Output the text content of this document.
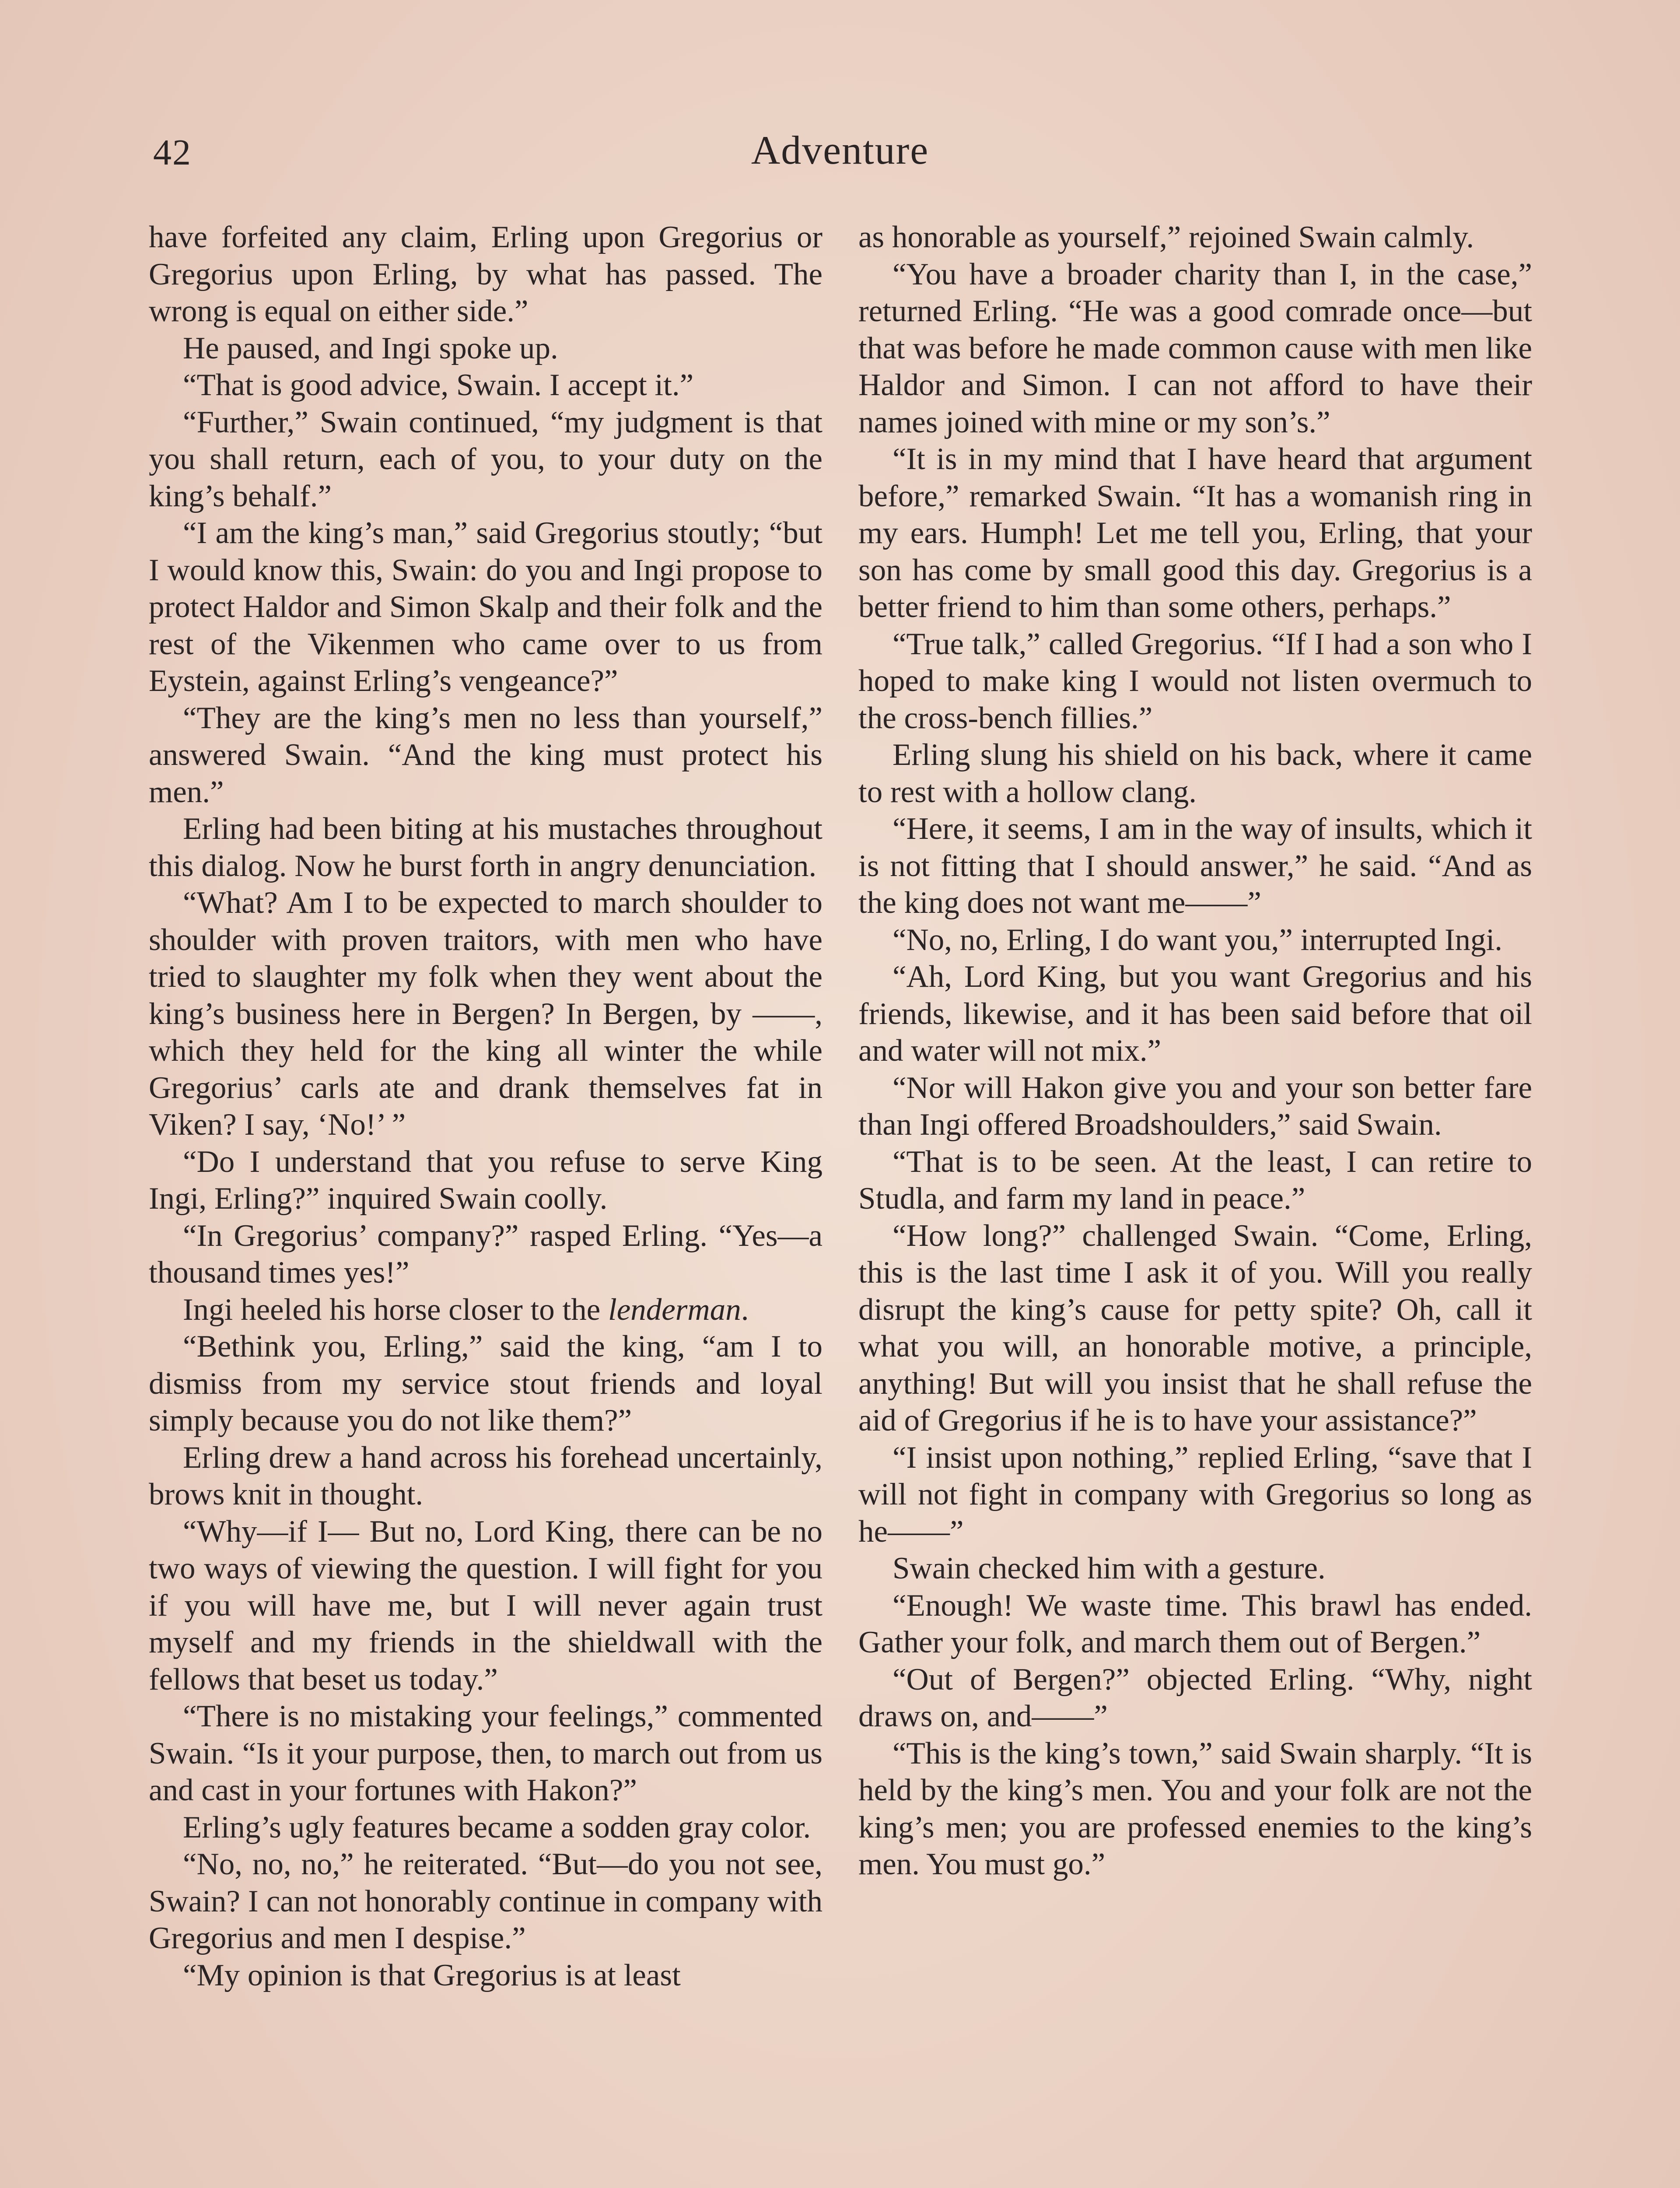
42	Adventure

have forfeited any claim, Erling upon Gregorius or Gregorius upon Erling, by what has passed. The wrong is equal on either side.”

He paused, and Ingi spoke up.

“That is good advice, Swain. I accept it.”

“Further,” Swain continued, “my judgment is that you shall return, each of you, to your duty on the king’s behalf.”

“I am the king’s man,” said Gregorius stoutly; “but I would know this, Swain: do you and Ingi propose to protect Haldor and Simon Skalp and their folk and the rest of the Vikenmen who came over to us from Eystein, against Erling’s vengeance?”

“They are the king’s men no less than yourself,” answered Swain. “And the king must protect his men.”

Erling had been biting at his mustaches throughout this dialog. Now he burst forth in angry denunciation.

“What? Am I to be expected to march shoulder to shoulder with proven traitors, with men who have tried to slaughter my folk when they went about the king’s business here in Bergen? In Bergen, by ——, which they held for the king all winter the while Gregorius’ carls ate and drank themselves fat in Viken? I say, ‘No!’ ”

“Do I understand that you refuse to serve King Ingi, Erling?” inquired Swain coolly.

“In Gregorius’ company?” rasped Erling. “Yes—a thousand times yes!”

Ingi heeled his horse closer to the lenderman.

“Bethink you, Erling,” said the king, “am I to dismiss from my service stout friends and loyal simply because you do not like them?”

Erling drew a hand across his forehead uncertainly, brows knit in thought.

“Why—if I— But no, Lord King, there can be no two ways of viewing the question. I will fight for you if you will have me, but I will never again trust myself and my friends in the shieldwall with the fellows that beset us today.”

“There is no mistaking your feelings,” commented Swain. “Is it your purpose, then, to march out from us and cast in your fortunes with Hakon?”

Erling’s ugly features became a sodden gray color.

“No, no, no,” he reiterated. “But—do you not see, Swain? I can not honorably continue in company with Gregorius and men I despise.”

“My opinion is that Gregorius is at least

as honorable as yourself,” rejoined Swain calmly.

“You have a broader charity than I, in the case,” returned Erling. “He was a good comrade once—but that was before he made common cause with men like Haldor and Simon. I can not afford to have their names joined with mine or my son’s.”

“It is in my mind that I have heard that argument before,” remarked Swain. “It has a womanish ring in my ears. Humph! Let me tell you, Erling, that your son has come by small good this day. Gregorius is a better friend to him than some others, perhaps.”

“True talk,” called Gregorius. “If I had a son who I hoped to make king I would not listen overmuch to the cross-bench fillies.”

Erling slung his shield on his back, where it came to rest with a hollow clang.

“Here, it seems, I am in the way of insults, which it is not fitting that I should answer,” he said. “And as the king does not want me——”

“No, no, Erling, I do want you,” interrupted Ingi.

“Ah, Lord King, but you want Gregorius and his friends, likewise, and it has been said before that oil and water will not mix.”

“Nor will Hakon give you and your son better fare than Ingi offered Broadshoulders,” said Swain.

“That is to be seen. At the least, I can retire to Studla, and farm my land in peace.”

“How long?” challenged Swain. “Come, Erling, this is the last time I ask it of you. Will you really disrupt the king’s cause for petty spite? Oh, call it what you will, an honorable motive, a principle, anything! But will you insist that he shall refuse the aid of Gregorius if he is to have your assistance?”

“I insist upon nothing,” replied Erling, “save that I will not fight in company with Gregorius so long as he——”

Swain checked him with a gesture.

“Enough! We waste time. This brawl has ended. Gather your folk, and march them out of Bergen.”

“Out of Bergen?” objected Erling. “Why, night draws on, and——”

“This is the king’s town,” said Swain sharply. “It is held by the king’s men. You and your folk are not the king’s men; you are professed enemies to the king’s men. You must go.”
